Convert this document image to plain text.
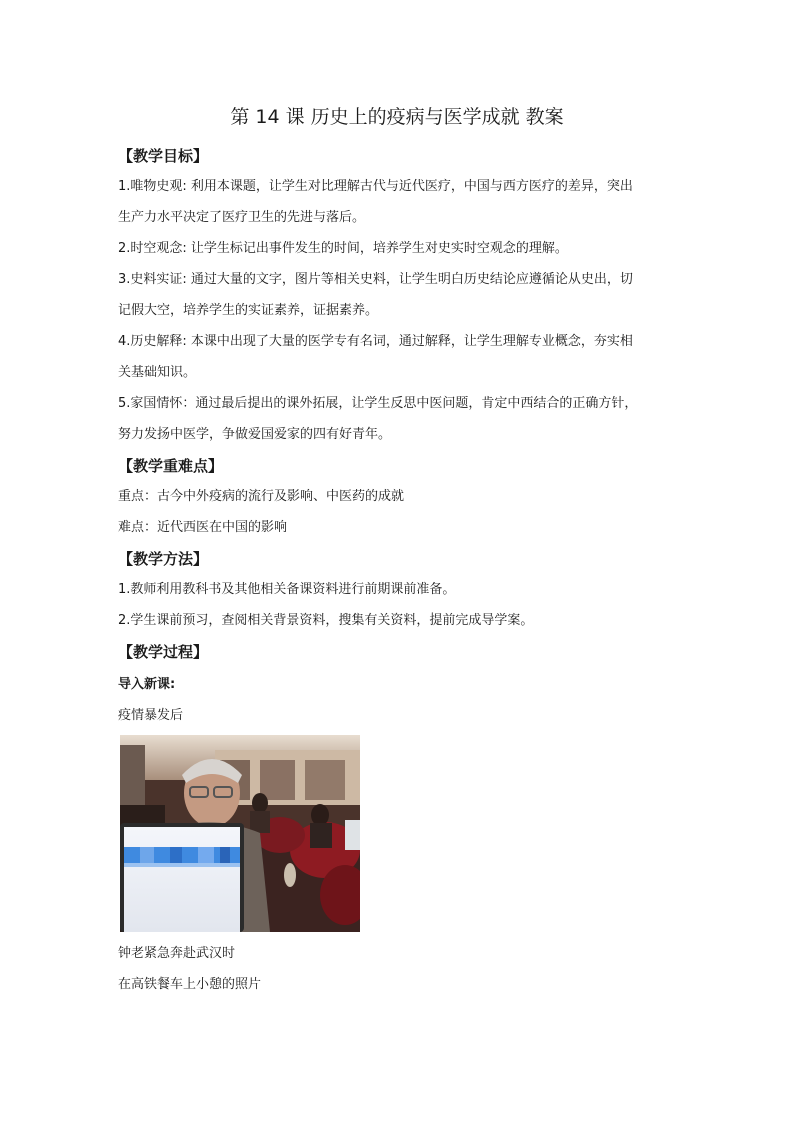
第 14 课 历史上的疫病与医学成就 教案
【教学目标】
1.唯物史观: 利用本课题，让学生对比理解古代与近代医疗，中国与西方医疗的差异，突出
生产力水平决定了医疗卫生的先进与落后。
2.时空观念: 让学生标记出事件发生的时间，培养学生对史实时空观念的理解。
3.史料实证: 通过大量的文字，图片等相关史料，让学生明白历史结论应遵循论从史出，切
记假大空，培养学生的实证素养，证据素养。
4.历史解释: 本课中出现了大量的医学专有名词，通过解释，让学生理解专业概念，夯实相
关基础知识。
5.家国情怀：通过最后提出的课外拓展，让学生反思中医问题，肯定中西结合的正确方针，
努力发扬中医学，争做爱国爱家的四有好青年。
【教学重难点】
重点：古今中外疫病的流行及影响、中医药的成就
难点：近代西医在中国的影响
【教学方法】
1.教师利用教科书及其他相关备课资料进行前期课前准备。
2.学生课前预习，查阅相关背景资料，搜集有关资料，提前完成导学案。
【教学过程】
导入新课:
疫情暴发后
钟老紧急奔赴武汉时
在高铁餐车上小憩的照片
